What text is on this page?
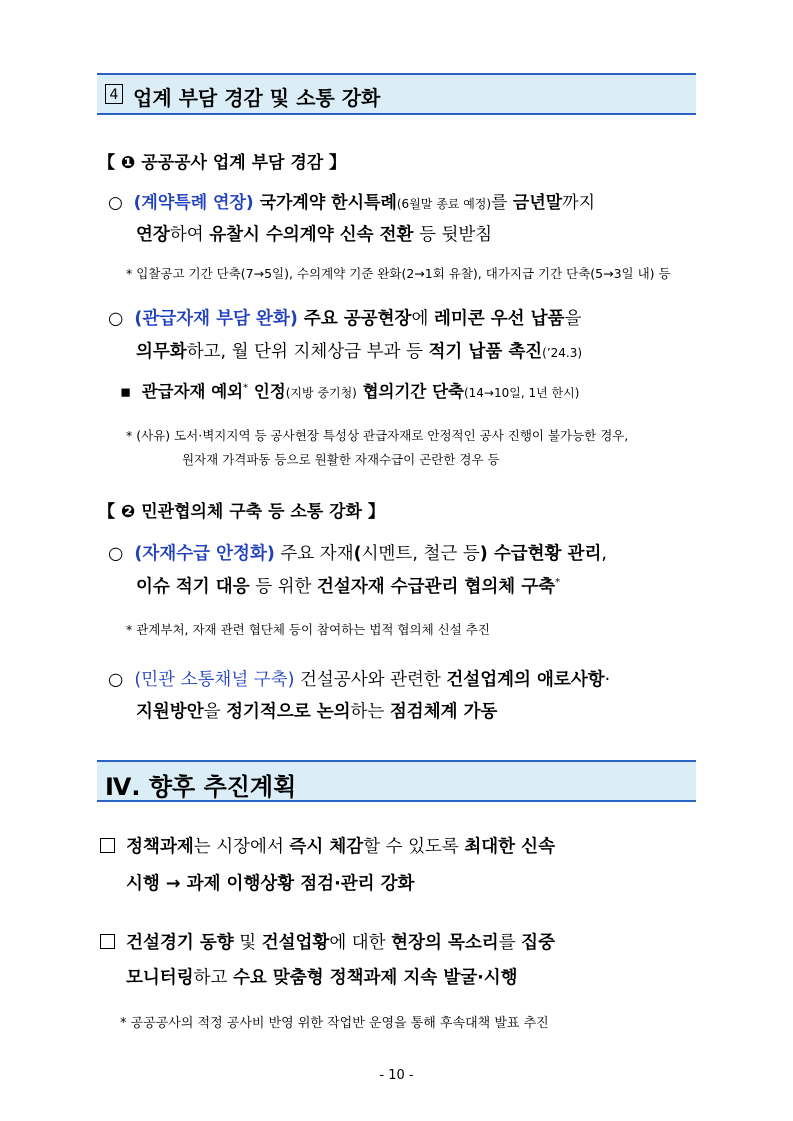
4 업계 부담 경감 및 소통 강화
【 ❶ 공공공사 업계 부담 경감 】
○ (계약특례 연장) 국가계약 한시특례(6월말 종료 예정)를 금년말까지
연장하여 유찰시 수의계약 신속 전환 등 뒷받침
* 입찰공고 기간 단축(7→5일), 수의계약 기준 완화(2→1회 유찰), 대가지급 기간 단축(5→3일 내) 등
○ (관급자재 부담 완화) 주요 공공현장에 레미콘 우선 납품을
의무화하고, 월 단위 지체상금 부과 등 적기 납품 촉진(’24.3)
▪ 관급자재 예외* 인정(지방 중기청) 협의기간 단축(14→10일, 1년 한시)
* (사유) 도서·벽지지역 등 공사현장 특성상 관급자재로 안정적인 공사 진행이 불가능한 경우,
원자재 가격파동 등으로 원활한 자재수급이 곤란한 경우 등
【 ❷ 민관협의체 구축 등 소통 강화 】
○ (자재수급 안정화) 주요 자재(시멘트, 철근 등) 수급현황 관리,
이슈 적기 대응 등 위한 건설자재 수급관리 협의체 구축*
* 관계부처, 자재 관련 협단체 등이 참여하는 법적 협의체 신설 추진
○ (민관 소통채널 구축) 건설공사와 관련한 건설업계의 애로사항·
지원방안을 정기적으로 논의하는 점검체계 가동
Ⅳ. 향후 추진계획
정책과제는 시장에서 즉시 체감할 수 있도록 최대한 신속
시행 → 과제 이행상황 점검·관리 강화
건설경기 동향 및 건설업황에 대한 현장의 목소리를 집중
모니터링하고 수요 맞춤형 정책과제 지속 발굴·시행
* 공공공사의 적정 공사비 반영 위한 작업반 운영을 통해 후속대책 발표 추진
- 10 -
